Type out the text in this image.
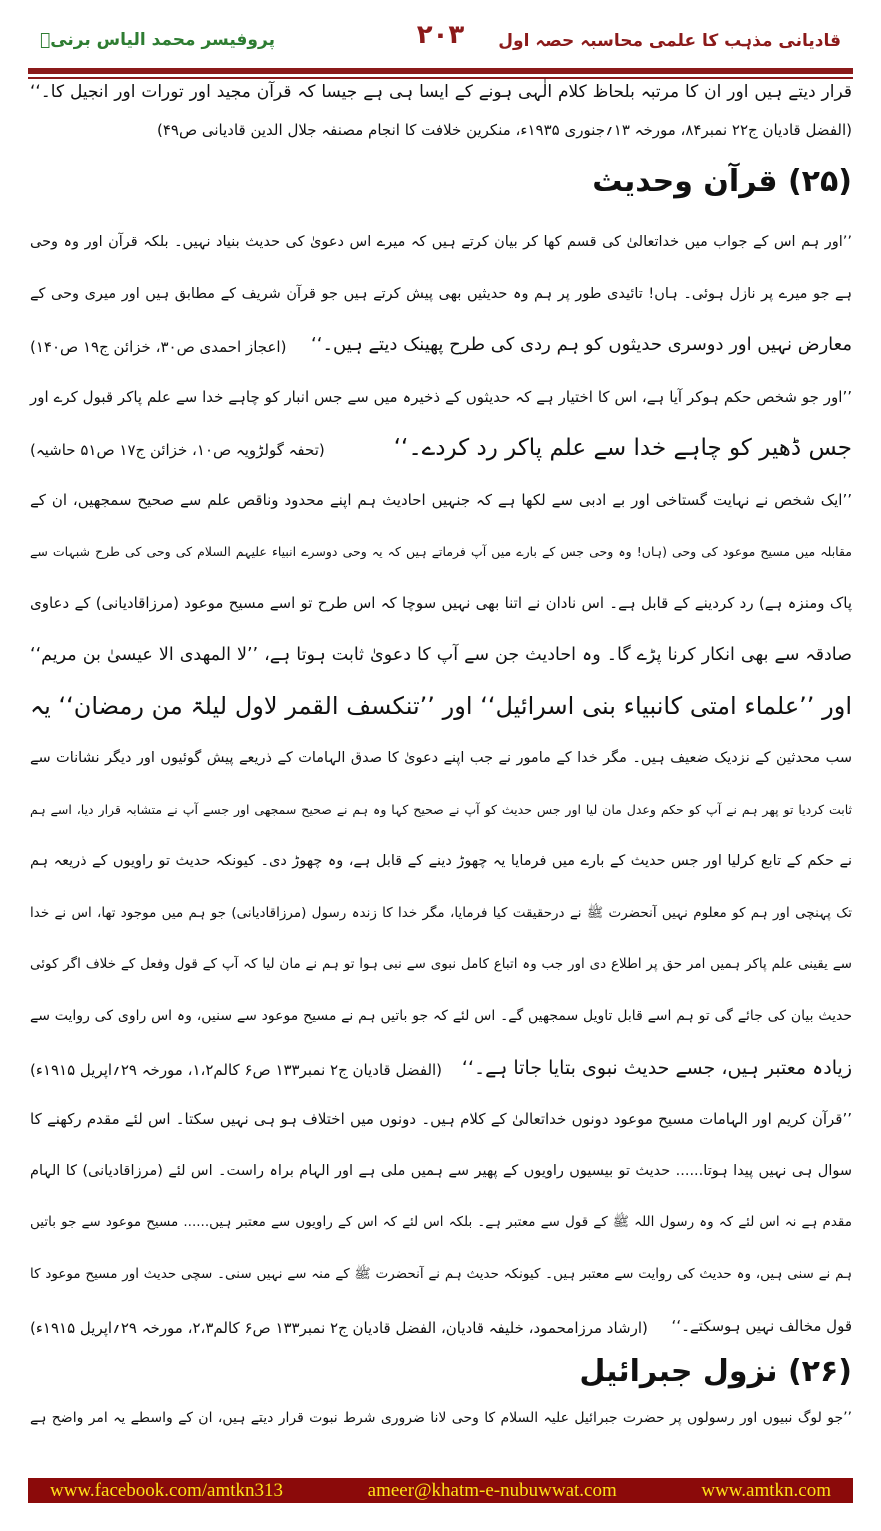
قادیانی مذہب کا علمی محاسبہ حصہ اول
٢٠٣
پروفیسر محمد الیاس برنیؒ
قرار دیتے ہیں اور ان کا مرتبہ بلحاظ کلام الٰہی ہونے کے ایسا ہی ہے جیسا کہ قرآن مجید اور تورات اور انجیل کا۔‘‘
(الفضل قادیان ج۲۲ نمبر۸۴، مورخہ ۱۳؍جنوری ۱۹۳۵ء، منکرین خلافت کا انجام مصنفہ جلال الدین قادیانی ص۴۹)
(۲۵) قرآن وحدیث
’’اور ہم اس کے جواب میں خداتعالیٰ کی قسم کھا کر بیان کرتے ہیں کہ میرے اس دعویٰ کی حدیث بنیاد نہیں۔ بلکہ قرآن اور وہ وحی
ہے جو میرے پر نازل ہوئی۔ ہاں! تائیدی طور پر ہم وہ حدیثیں بھی پیش کرتے ہیں جو قرآن شریف کے مطابق ہیں اور میری وحی کے
معارض نہیں اور دوسری حدیثوں کو ہم ردی کی طرح پھینک دیتے ہیں۔‘‘
(اعجاز احمدی ص۳۰، خزائن ج۱۹ ص۱۴۰)
’’اور جو شخص حکم ہوکر آیا ہے، اس کا اختیار ہے کہ حدیثوں کے ذخیرہ میں سے جس انبار کو چاہے خدا سے علم پاکر قبول کرے اور
جس ڈھیر کو چاہے خدا سے علم پاکر رد کردے۔‘‘
(تحفہ گولڑویہ ص۱۰، خزائن ج۱۷ ص۵۱ حاشیہ)
’’ایک شخص نے نہایت گستاخی اور بے ادبی سے لکھا ہے کہ جنہیں احادیث ہم اپنے محدود وناقص علم سے صحیح سمجھیں، ان کے
مقابلہ میں مسیح موعود کی وحی (ہاں! وہ وحی جس کے بارے میں آپ فرماتے ہیں کہ یہ وحی دوسرے انبیاء علیہم السلام کی وحی کی طرح شبہات سے
پاک ومنزہ ہے) رد کردینے کے قابل ہے۔ اس نادان نے اتنا بھی نہیں سوچا کہ اس طرح تو اسے مسیح موعود (مرزاقادیانی) کے دعاوی
صادقہ سے بھی انکار کرنا پڑے گا۔ وہ احادیث جن سے آپ کا دعویٰ ثابت ہوتا ہے، ’’لا المھدی الا عیسیٰ بن مریم‘‘
اور ’’علماء امتی کانبیاء بنی اسرائیل‘‘ اور ’’تنکسف القمر لاول لیلۃ من رمضان‘‘ یہ
سب محدثین کے نزدیک ضعیف ہیں۔ مگر خدا کے مامور نے جب اپنے دعویٰ کا صدق الہامات کے ذریعے پیش گوئیوں اور دیگر نشانات سے
ثابت کردیا تو پھر ہم نے آپ کو حکم وعدل مان لیا اور جس حدیث کو آپ نے صحیح کہا وہ ہم نے صحیح سمجھی اور جسے آپ نے متشابہ قرار دیا، اسے ہم
نے حکم کے تابع کرلیا اور جس حدیث کے بارے میں فرمایا یہ چھوڑ دینے کے قابل ہے، وہ چھوڑ دی۔ کیونکہ حدیث تو راویوں کے ذریعہ ہم
تک پہنچی اور ہم کو معلوم نہیں آنحضرت ﷺ نے درحقیقت کیا فرمایا، مگر خدا کا زندہ رسول (مرزاقادیانی) جو ہم میں موجود تھا، اس نے خدا
سے یقینی علم پاکر ہمیں امر حق پر اطلاع دی اور جب وہ اتباع کامل نبوی سے نبی ہوا تو ہم نے مان لیا کہ آپ کے قول وفعل کے خلاف اگر کوئی
حدیث بیان کی جائے گی تو ہم اسے قابل تاویل سمجھیں گے۔ اس لئے کہ جو باتیں ہم نے مسیح موعود سے سنیں، وہ اس راوی کی روایت سے
زیادہ معتبر ہیں، جسے حدیث نبوی بتایا جاتا ہے۔‘‘
(الفضل قادیان ج۲ نمبر۱۳۳ ص۶ کالم۱،۲، مورخہ ۲۹؍اپریل ۱۹۱۵ء)
’’قرآن کریم اور الہامات مسیح موعود دونوں خداتعالیٰ کے کلام ہیں۔ دونوں میں اختلاف ہو ہی نہیں سکتا۔ اس لئے مقدم رکھنے کا
سوال ہی نہیں پیدا ہوتا...... حدیث تو بیسیوں راویوں کے پھیر سے ہمیں ملی ہے اور الہام براہ راست۔ اس لئے (مرزاقادیانی) کا الہام
مقدم ہے نہ اس لئے کہ وہ رسول اللہ ﷺ کے قول سے معتبر ہے۔ بلکہ اس لئے کہ اس کے راویوں سے معتبر ہیں...... مسیح موعود سے جو باتیں
ہم نے سنی ہیں، وہ حدیث کی روایت سے معتبر ہیں۔ کیونکہ حدیث ہم نے آنحضرت ﷺ کے منہ سے نہیں سنی۔ سچی حدیث اور مسیح موعود کا
قول مخالف نہیں ہوسکتے۔‘‘
(ارشاد مرزامحمود، خلیفہ قادیان، الفضل قادیان ج۲ نمبر۱۳۳ ص۶ کالم۲،۳، مورخہ ۲۹؍اپریل ۱۹۱۵ء)
(۲۶) نزول جبرائیل
’’جو لوگ نبیوں اور رسولوں پر حضرت جبرائیل علیہ السلام کا وحی لانا ضروری شرط نبوت قرار دیتے ہیں، ان کے واسطے یہ امر واضح ہے
www.facebook.com/amtkn313	ameer@khatm-e-nubuwwat.com	www.amtkn.com
